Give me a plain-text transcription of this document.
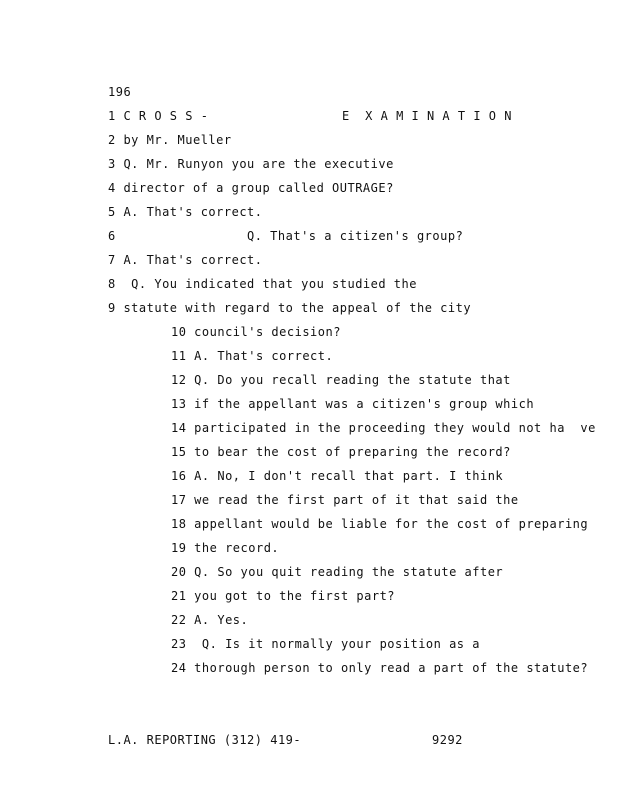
196
1 C R O S S -	E  X A M I N A T I O N
2 by Mr. Mueller
3 Q. Mr. Runyon you are the executive
4 director of a group called OUTRAGE?
5 A. That's correct.
6	Q. That's a citizen's group?
7 A. That's correct.
8  Q. You indicated that you studied the
9 statute with regard to the appeal of the city
10 council's decision?
11 A. That's correct.
12 Q. Do you recall reading the statute that
13 if the appellant was a citizen's group which
14 participated in the proceeding they would not ha  ve
15 to bear the cost of preparing the record?
16 A. No, I don't recall that part. I think
17 we read the first part of it that said the
18 appellant would be liable for the cost of preparing
19 the record.
20 Q. So you quit reading the statute after
21 you got to the first part?
22 A. Yes.
23  Q. Is it normally your position as a
24 thorough person to only read a part of the statute?
L.A. REPORTING (312) 419-	9292
